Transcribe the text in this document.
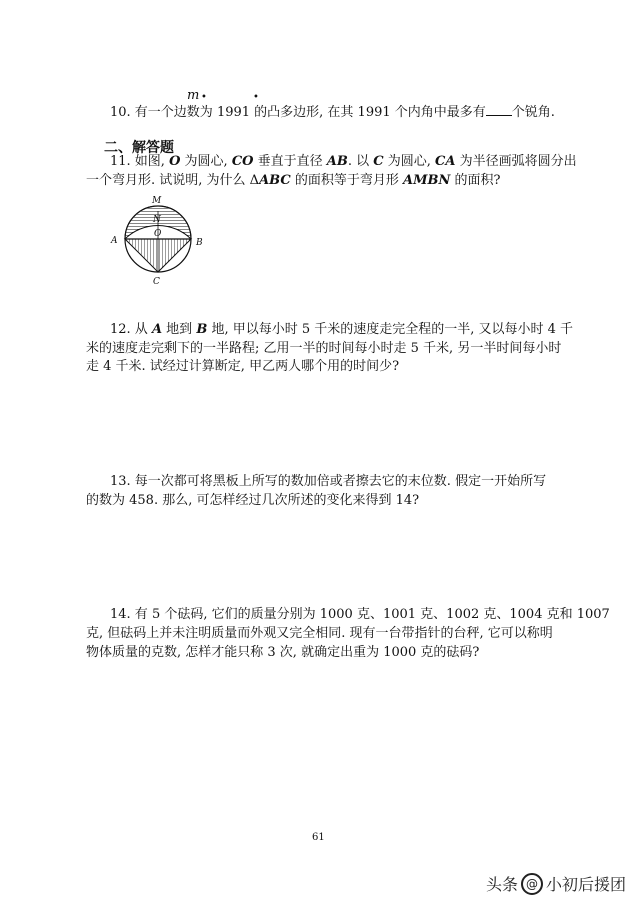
m •	•
10. 有一个边数为 1991 的凸多边形, 在其 1991 个内角中最多有 个锐角.
二、解答题
11. 如图, O 为圆心, CO 垂直于直径 AB. 以 C 为圆心, CA 为半径画弧将圆分出
一个弯月形. 试说明, 为什么 ΔABC 的面积等于弯月形 AMBN 的面积?
M
N
O
A	B
C
12. 从 A 地到 B 地, 甲以每小时 5 千米的速度走完全程的一半, 又以每小时 4 千
米的速度走完剩下的一半路程; 乙用一半的时间每小时走 5 千米, 另一半时间每小时
走 4 千米. 试经过计算断定, 甲乙两人哪个用的时间少?
13. 每一次都可将黑板上所写的数加倍或者擦去它的末位数. 假定一开始所写
的数为 458. 那么, 可怎样经过几次所述的变化来得到 14?
14. 有 5 个砝码, 它们的质量分别为 1000 克、1001 克、1002 克、1004 克和 1007
克, 但砝码上并未注明质量而外观又完全相同. 现有一台带指针的台秤, 它可以称明
物体质量的克数, 怎样才能只称 3 次, 就确定出重为 1000 克的砝码?
61
头条 @ 小初后援团
